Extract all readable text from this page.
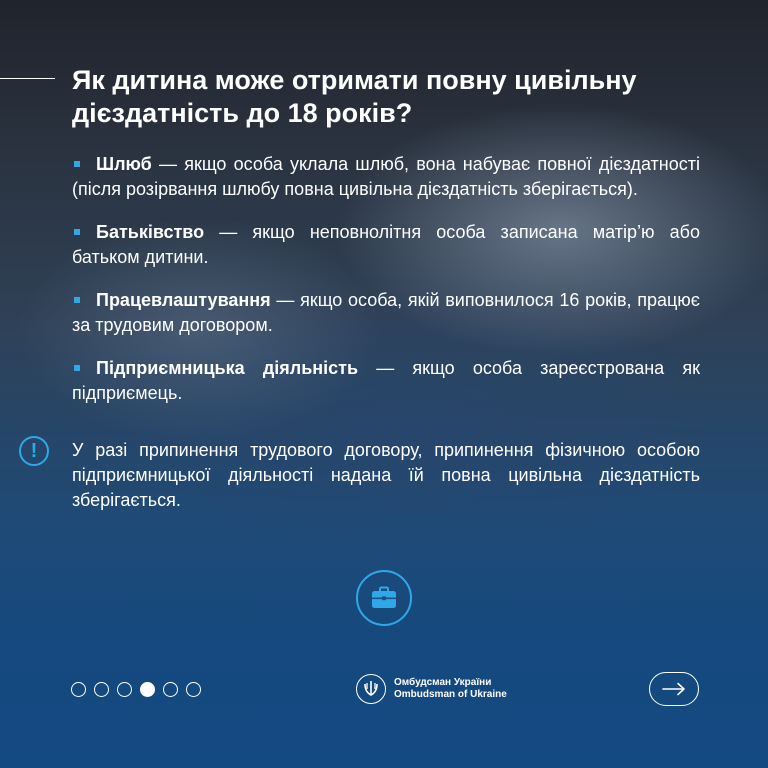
Як дитина може отримати повну цивільну дієздатність до 18 років?
Шлюб — якщо особа уклала шлюб, вона набуває повної дієздатності (після розірвання шлюбу повна цивільна дієздатність зберігається).
Батьківство — якщо неповнолітня особа записана матір’ю або батьком дитини.
Працевлаштування — якщо особа, якій виповнилося 16 років, працює за трудовим договором.
Підприємницька діяльність — якщо особа зареєстрована як підприємець.
!	У разі припинення трудового договору, припинення фізичною особою підприємницької діяльності надана їй повна цивільна дієздатність зберігається.

Омбудсман України
Ombudsman of Ukraine
